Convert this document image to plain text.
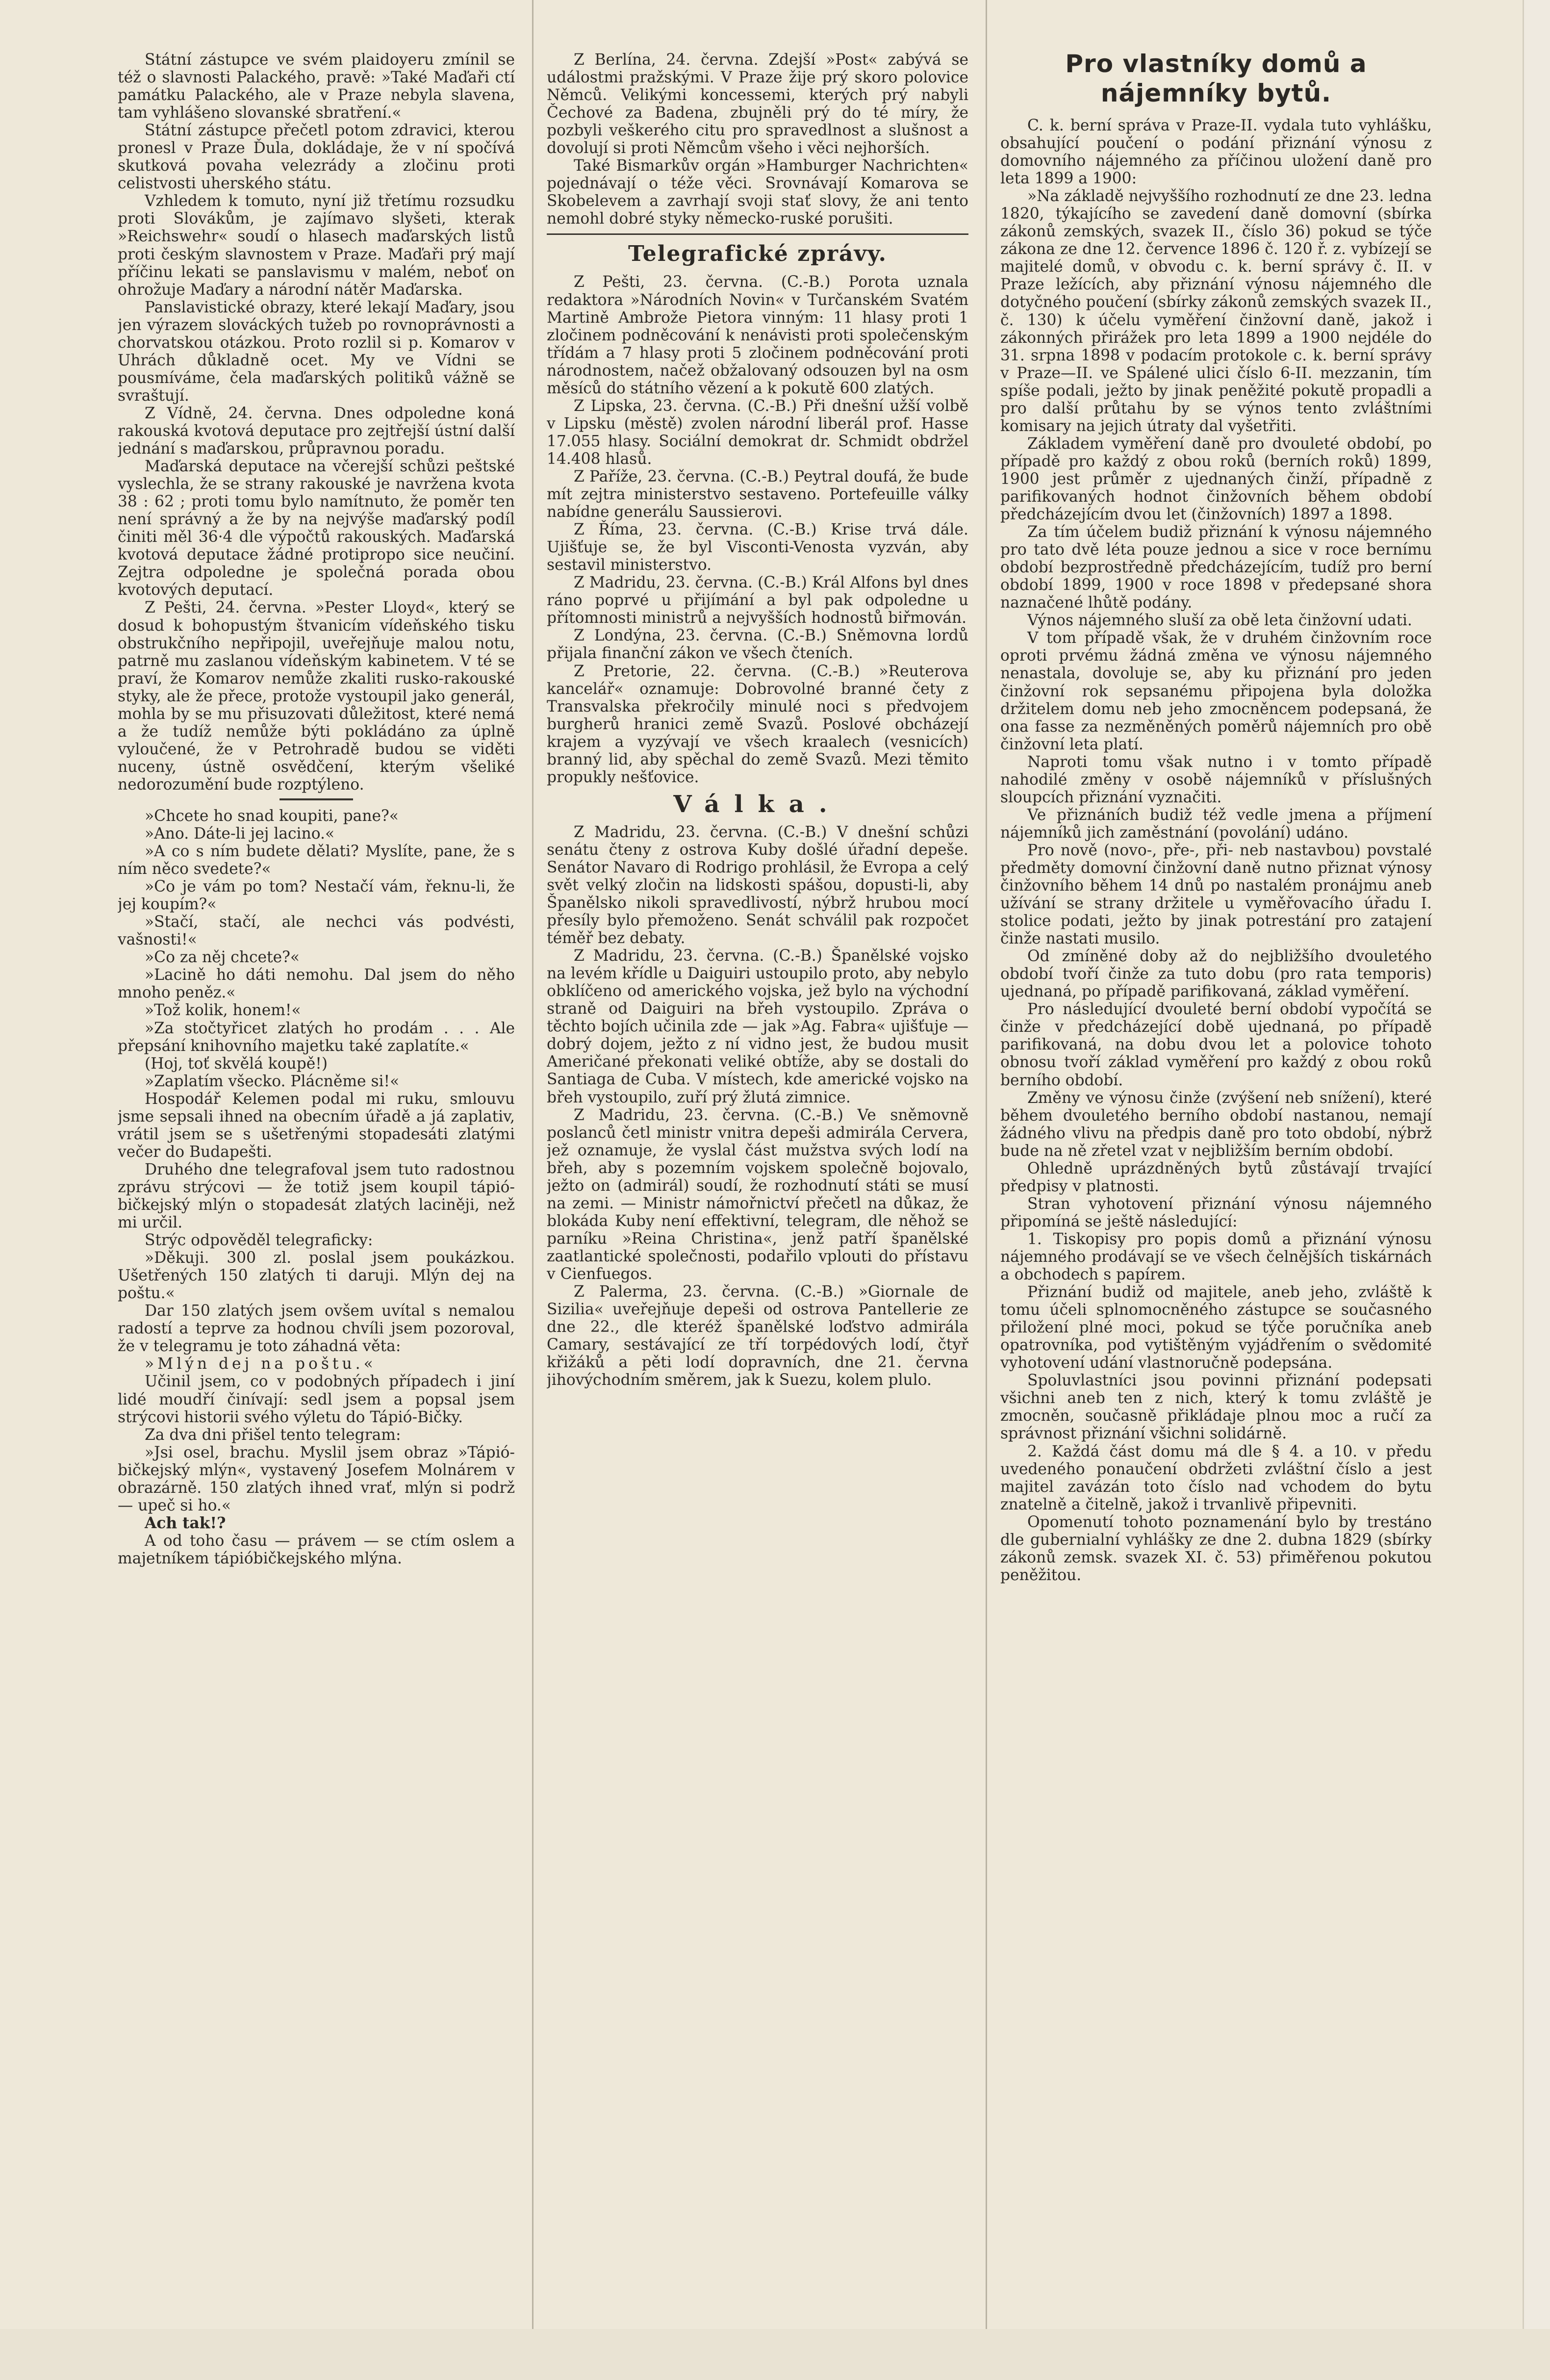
Státní zástupce ve svém plaidoyeru zmínil se též o slavnosti Palackého, pravě: »Také Maďaři ctí památku Palackého, ale v Praze nebyla slavena, tam vyhlášeno slovanské sbratření.«

Státní zástupce přečetl potom zdravici, kterou pronesl v Praze Ďula, dokládaje, že v ní spočívá skutková povaha velezrády a zločinu proti celistvosti uherského státu.

Vzhledem k tomuto, nyní již třetímu rozsudku proti Slovákům, je zajímavo slyšeti, kterak »Reichswehr« soudí o hlasech maďarských listů proti českým slavnostem v Praze. Maďaři prý mají příčinu lekati se panslavismu v malém, neboť on ohrožuje Maďary a národní nátěr Maďarska.

Panslavistické obrazy, které lekají Maďary, jsou jen výrazem slováckých tužeb po rovnoprávnosti a chorvatskou otázkou. Proto rozlil si p. Komarov v Uhrách důkladně ocet. My ve Vídni se pousmíváme, čela maďarských politiků vážně se svraštují.

Z Vídně, 24. června. Dnes odpoledne koná rakouská kvotová deputace pro zejtřejší ústní další jednání s maďarskou, průpravnou poradu.

Maďarská deputace na včerejší schůzi peštské vyslechla, že se strany rakouské je navržena kvota 38 : 62 ; proti tomu bylo namítnuto, že poměr ten není správný a že by na nejvýše maďarský podíl činiti měl 36·4 dle výpočtů rakouských. Maďarská kvotová deputace žádné protipropo sice neučiní. Zejtra odpoledne je společná porada obou kvotových deputací.

Z Pešti, 24. června. »Pester Lloyd«, který se dosud k bohopustým štvanicím vídeňského tisku obstrukčního nepřipojil, uveřejňuje malou notu, patrně mu zaslanou vídeňským kabinetem. V té se praví, že Komarov nemůže zkaliti rusko-rakouské styky, ale že přece, protože vystoupil jako generál, mohla by se mu přisuzovati důležitost, které nemá a že tudíž nemůže býti pokládáno za úplně vyloučené, že v Petrohradě budou se viděti nuceny, ústně osvědčení, kterým všeliké nedorozumění bude rozptýleno.

»Chcete ho snad koupiti, pane?«

»Ano. Dáte-li jej lacino.«

»A co s ním budete dělati? Myslíte, pane, že s ním něco svedete?«

»Co je vám po tom? Nestačí vám, řeknu-li, že jej koupím?«

»Stačí, stačí, ale nechci vás podvésti, vašnosti!«

»Co za něj chcete?«

»Lacině ho dáti nemohu. Dal jsem do něho mnoho peněz.«

»Tož kolik, honem!«

»Za stočtyřicet zlatých ho prodám . . . Ale přepsání knihovního majetku také zaplatíte.«

(Hoj, toť skvělá koupě!)

»Zaplatím všecko. Plácněme si!«

Hospodář Kelemen podal mi ruku, smlouvu jsme sepsali ihned na obecním úřadě a já zaplativ, vrátil jsem se s ušetřenými stopadesáti zlatými večer do Budapešti.

Druhého dne telegrafoval jsem tuto radostnou zprávu strýcovi — že totiž jsem koupil tápió-bičkejský mlýn o stopadesát zlatých laciněji, než mi určil.

Strýc odpověděl telegraficky:

»Děkuji. 300 zl. poslal jsem poukázkou. Ušetřených 150 zlatých ti daruji. Mlýn dej na poštu.«

Dar 150 zlatých jsem ovšem uvítal s nemalou radostí a teprve za hodnou chvíli jsem pozoroval, že v telegramu je toto záhadná věta:

»Mlýn dej na poštu.«

Učinil jsem, co v podobných případech i jiní lidé moudří činívají: sedl jsem a popsal jsem strýcovi historii svého výletu do Tápió-Bičky.

Za dva dni přišel tento telegram:

»Jsi osel, brachu. Myslil jsem obraz »Tápió-bičkejský mlýn«, vystavený Josefem Molnárem v obrazárně. 150 zlatých ihned vrať, mlýn si podrž — upeč si ho.«

Ach tak!?

A od toho času — právem — se ctím oslem a majetníkem tápióbičkejského mlýna.

Z Berlína, 24. června. Zdejší »Post« zabývá se událostmi pražskými. V Praze žije prý skoro polovice Němců. Velikými koncessemi, kterých prý nabyli Čechové za Badena, zbujněli prý do té míry, že pozbyli veškerého citu pro spravedlnost a slušnost a dovolují si proti Němcům všeho i věci nejhorších.

Také Bismarkův orgán »Hamburger Nachrichten« pojednávají o téže věci. Srovnávají Komarova se Skobelevem a zavrhají svoji stať slovy, že ani tento nemohl dobré styky německo-ruské porušiti.

Telegrafické zprávy.

Z Pešti, 23. června. (C.-B.) Porota uznala redaktora »Národních Novin« v Turčanském Svatém Martině Ambrože Pietora vinným: 11 hlasy proti 1 zločinem podněcování k nenávisti proti společenským třídám a 7 hlasy proti 5 zločinem podněcování proti národnostem, načež obžalovaný odsouzen byl na osm měsíců do státního vězení a k pokutě 600 zlatých.

Z Lipska, 23. června. (C.-B.) Při dnešní užší volbě v Lipsku (městě) zvolen národní liberál prof. Hasse 17.055 hlasy. Sociální demokrat dr. Schmidt obdržel 14.408 hlasů.

Z Paříže, 23. června. (C.-B.) Peytral doufá, že bude mít zejtra ministerstvo sestaveno. Portefeuille války nabídne generálu Saussierovi.

Z Říma, 23. června. (C.-B.) Krise trvá dále. Ujišťuje se, že byl Visconti-Venosta vyzván, aby sestavil ministerstvo.

Z Madridu, 23. června. (C.-B.) Král Alfons byl dnes ráno poprvé u přijímání a byl pak odpoledne u přítomnosti ministrů a nejvyšších hodnostů biřmován.

Z Londýna, 23. června. (C.-B.) Sněmovna lordů přijala finanční zákon ve všech čteních.

Z Pretorie, 22. června. (C.-B.) »Reuterova kancelář« oznamuje: Dobrovolné branné čety z Transvalska překročily minulé noci s předvojem burgherů hranici země Svazů. Poslové obcházejí krajem a vyzývají ve všech kraalech (vesnicích) branný lid, aby spěchal do země Svazů. Mezi těmito propukly nešťovice.

Válka.

Z Madridu, 23. června. (C.-B.) V dnešní schůzi senátu čteny z ostrova Kuby došlé úřadní depeše. Senátor Navaro di Rodrigo prohlásil, že Evropa a celý svět velký zločin na lidskosti spášou, dopusti-li, aby Španělsko nikoli spravedlivostí, nýbrž hrubou mocí přesíly bylo přemoženo. Senát schválil pak rozpočet téměř bez debaty.

Z Madridu, 23. června. (C.-B.) Španělské vojsko na levém křídle u Daiguiri ustoupilo proto, aby nebylo obklíčeno od amerického vojska, jež bylo na východní straně od Daiguiri na břeh vystoupilo. Zpráva o těchto bojích učinila zde — jak »Ag. Fabra« ujišťuje — dobrý dojem, ježto z ní vidno jest, že budou musit Američané překonati veliké obtíže, aby se dostali do Santiaga de Cuba. V místech, kde americké vojsko na břeh vystoupilo, zuří prý žlutá zimnice.

Z Madridu, 23. června. (C.-B.) Ve sněmovně poslanců četl ministr vnitra depeši admirála Cervera, jež oznamuje, že vyslal část mužstva svých lodí na břeh, aby s pozemním vojskem společně bojovalo, ježto on (admirál) soudí, že rozhodnutí státi se musí na zemi. — Ministr námořnictví přečetl na důkaz, že blokáda Kuby není effektivní, telegram, dle něhož se parníku »Reina Christina«, jenž patří španělské zaatlantické společnosti, podařilo vplouti do přístavu v Cienfuegos.

Z Palermа, 23. června. (C.-B.) »Giornale de Sizilia« uveřejňuje depeši od ostrova Pantellerie ze dne 22., dle kteréž španělské loďstvo admirála Camary, sestávající ze tří torpédových lodí, čtyř křižáků a pěti lodí dopravních, dne 21. června jihovýchodním směrem, jak k Suezu, kolem plulo.

Pro vlastníky domů a nájemníky bytů.

C. k. berní správa v Praze-II. vydala tuto vyhlášku, obsahující poučení o podání přiznání výnosu z domovního nájemného za příčinou uložení daně pro leta 1899 a 1900:

»Na základě nejvyššího rozhodnutí ze dne 23. ledna 1820, týkajícího se zavedení daně domovní (sbírka zákonů zemských, svazek II., číslo 36) pokud se týče zákona ze dne 12. července 1896 č. 120 ř. z. vybízejí se majitelé domů, v obvodu c. k. berní správy č. II. v Praze ležících, aby přiznání výnosu nájemného dle dotyčného poučení (sbírky zákonů zemských svazek II., č. 130) k účelu vyměření činžovní daně, jakož i zákonných přirážek pro leta 1899 a 1900 nejdéle do 31. srpna 1898 v podacím protokole c. k. berní správy v Praze—II. ve Spálené ulici číslo 6-II. mezzanin, tím spíše podali, ježto by jinak peněžité pokutě propadli a pro další průtahu by se výnos tento zvláštními komisary na jejich útraty dal vyšetřiti.

Základem vyměření daně pro dvouleté období, po případě pro každý z obou roků (berních roků) 1899, 1900 jest průměr z ujednaných činží, případně z parifikovaných hodnot činžovních během období předcházejícím dvou let (činžovních) 1897 a 1898.

Za tím účelem budiž přiznání k výnosu nájemného pro tato dvě léta pouze jednou a sice v roce bernímu období bezprostředně předcházejícím, tudíž pro berní období 1899, 1900 v roce 1898 v předepsané shora naznačené lhůtě podány.

Výnos nájemného sluší za obě leta činžovní udati.

V tom případě však, že v druhém činžovním roce oproti prvému žádná změna ve výnosu nájemného nenastala, dovoluje se, aby ku přiznání pro jeden činžovní rok sepsanému připojena byla doložka držitelem domu neb jeho zmocněncem podepsaná, že ona fasse za nezměněných poměrů nájemních pro obě činžovní leta platí.

Naproti tomu však nutno i v tomto případě nahodilé změny v osobě nájemníků v příslušných sloupcích přiznání vyznačiti.

Ve přiznáních budiž též vedle jmena a příjmení nájemníků jich zaměstnání (povolání) udáno.

Pro nově (novo-, pře-, při- neb nastavbou) povstalé předměty domovní činžovní daně nutno přiznat výnosy činžovního během 14 dnů po nastalém pronájmu aneb užívání se strany držitele u vyměřovacího úřadu I. stolice podati, ježto by jinak potrestání pro zatajení činže nastati musilo.

Od zmíněné doby až do nejbližšího dvouletého období tvoří činže za tuto dobu (pro rata temporis) ujednaná, po případě parifikovaná, základ vyměření.

Pro následující dvouleté berní období vypočítá se činže v předcházející době ujednaná, po případě parifikovaná, na dobu dvou let a polovice tohoto obnosu tvoří základ vyměření pro každý z obou roků berního období.

Změny ve výnosu činže (zvýšení neb snížení), které během dvouletého berního období nastanou, nemají žádného vlivu na předpis daně pro toto období, nýbrž bude na ně zřetel vzat v nejbližším berním období.

Ohledně uprázdněných bytů zůstávají trvající předpisy v platnosti.

Stran vyhotovení přiznání výnosu nájemného připomíná se ještě následující:

1. Tiskopisy pro popis domů a přiznání výnosu nájemného prodávají se ve všech čelnějších tiskárnách a obchodech s papírem.

Přiznání budiž od majitele, aneb jeho, zvláště k tomu účeli splnomocněného zástupce se současného přiložení plné moci, pokud se týče poručníka aneb opatrovníka, pod vytištěným vyjádřením o svědomité vyhotovení udání vlastnoručně podepsána.

Spoluvlastníci jsou povinni přiznání podepsati všichni aneb ten z nich, který k tomu zvláště je zmocněn, současně přikládaje plnou moc a ručí za správnost přiznání všichni solidárně.

2. Každá část domu má dle § 4. a 10. v předu uvedeného ponaučení obdržeti zvláštní číslo a jest majitel zavázán toto číslo nad vchodem do bytu znatelně a čitelně, jakož i trvanlivě připevniti.

Opomenutí tohoto poznamenání bylo by trestáno dle gubernialní vyhlášky ze dne 2. dubna 1829 (sbírky zákonů zemsk. svazek XI. č. 53) přiměřenou pokutou peněžitou.
